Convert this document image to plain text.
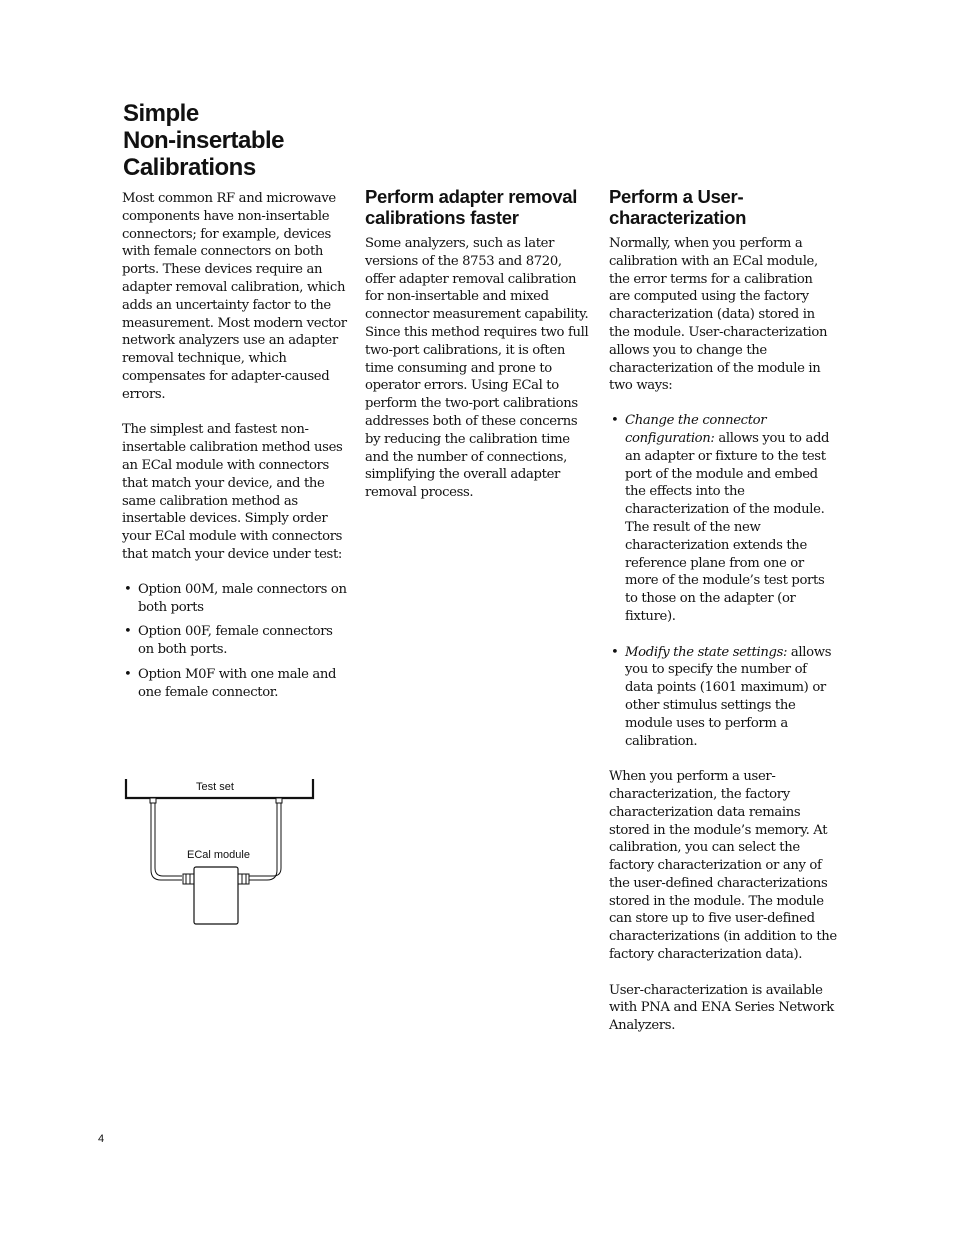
Simple
Non-insertable
Calibrations

Most common RF and microwave components have non-insertable connectors; for example, devices with female connectors on both ports. These devices require an adapter removal calibration, which adds an uncertainty factor to the measurement. Most modern vector network analyzers use an adapter removal technique, which compensates for adapter-caused errors.

The simplest and fastest non-insertable calibration method uses an ECal module with connectors that match your device, and the same calibration method as insertable devices. Simply order your ECal module with connectors that match your device under test:

• Option 00M, male connectors on both ports
• Option 00F, female connectors on both ports.
• Option M0F with one male and one female connector.
Test set
ECal module
Perform adapter removal
calibrations faster

Some analyzers, such as later versions of the 8753 and 8720, offer adapter removal calibration for non-insertable and mixed connector measurement capability. Since this method requires two full two-port calibrations, it is often time consuming and prone to operator errors. Using ECal to perform the two-port calibrations addresses both of these concerns by reducing the calibration time and the number of connections, simplifying the overall adapter removal process.

Perform a User-
characterization

Normally, when you perform a calibration with an ECal module, the error terms for a calibration are computed using the factory characterization (data) stored in the module. User-characterization allows you to change the characterization of the module in two ways:

• Change the connector configuration: allows you to add an adapter or fixture to the test port of the module and embed the effects into the characterization of the module. The result of the new characterization extends the reference plane from one or more of the module’s test ports to those on the adapter (or fixture).
• Modify the state settings: allows you to specify the number of data points (1601 maximum) or other stimulus settings the module uses to perform a calibration.

When you perform a user-characterization, the factory characterization data remains stored in the module’s memory. At calibration, you can select the factory characterization or any of the user-defined characterizations stored in the module. The module can store up to five user-defined characterizations (in addition to the factory characterization data).

User-characterization is available with PNA and ENA Series Network Analyzers.

4
